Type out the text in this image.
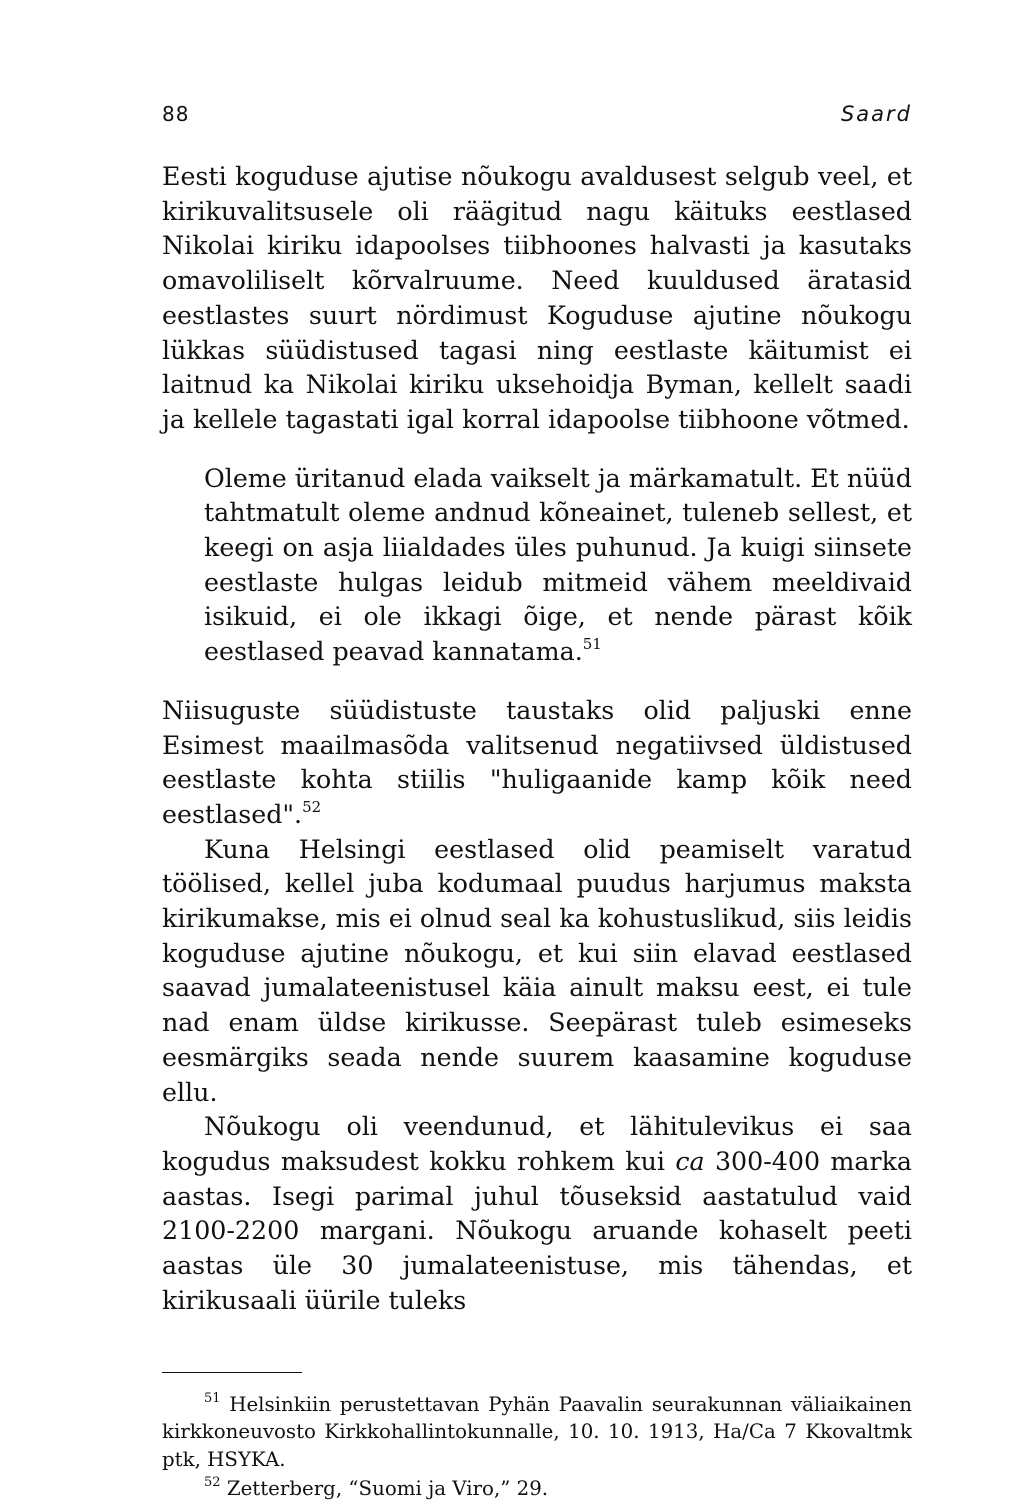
88	Saard

Eesti koguduse ajutise nõukogu avaldusest selgub veel, et kirikuvalitsusele oli räägitud nagu käituks eestlased Nikolai kiriku idapoolses tiibhoones halvasti ja kasutaks omavoliliselt kõrvalruume. Need kuuldused äratasid eestlastes suurt nördimust Koguduse ajutine nõukogu lükkas süüdistused tagasi ning eestlaste käitumist ei laitnud ka Nikolai kiriku uksehoidja Byman, kellelt saadi ja kellele tagastati igal korral idapoolse tiibhoone võtmed.

Oleme üritanud elada vaikselt ja märkamatult. Et nüüd tahtmatult oleme andnud kõneainet, tuleneb sellest, et keegi on asja liialdades üles puhunud. Ja kuigi siinsete eestlaste hulgas leidub mitmeid vähem meeldivaid isikuid, ei ole ikkagi õige, et nende pärast kõik eestlased peavad kannatama.$^{51}$

Niisuguste süüdistuste taustaks olid paljuski enne Esimest maailmasõda valitsenud negatiivsed üldistused eestlaste kohta stiilis "huligaanide kamp kõik need eestlased".$^{52}$

Kuna Helsingi eestlased olid peamiselt varatud töölised, kellel juba kodumaal puudus harjumus maksta kirikumakse, mis ei olnud seal ka kohustuslikud, siis leidis koguduse ajutine nõukogu, et kui siin elavad eestlased saavad jumalateenistusel käia ainult maksu eest, ei tule nad enam üldse kirikusse. Seepärast tuleb esimeseks eesmärgiks seada nende suurem kaasamine koguduse ellu.

Nõukogu oli veendunud, et lähitulevikus ei saa kogudus maksudest kokku rohkem kui ca 300-400 marka aastas. Isegi parimal juhul tõuseksid aastatulud vaid 2100-2200 margani. Nõukogu aruande kohaselt peeti aastas üle 30 jumalateenistuse, mis tähendas, et kirikusaali üürile tuleks

$^{51}$ Helsinkiin perustettavan Pyhän Paavalin seurakunnan väliaikainen kirkkoneuvosto Kirkkohallintokunnalle, 10. 10. 1913, Ha/Ca 7 Kkovaltmk ptk, HSYKA.

$^{52}$ Zetterberg, “Suomi ja Viro,” 29.
